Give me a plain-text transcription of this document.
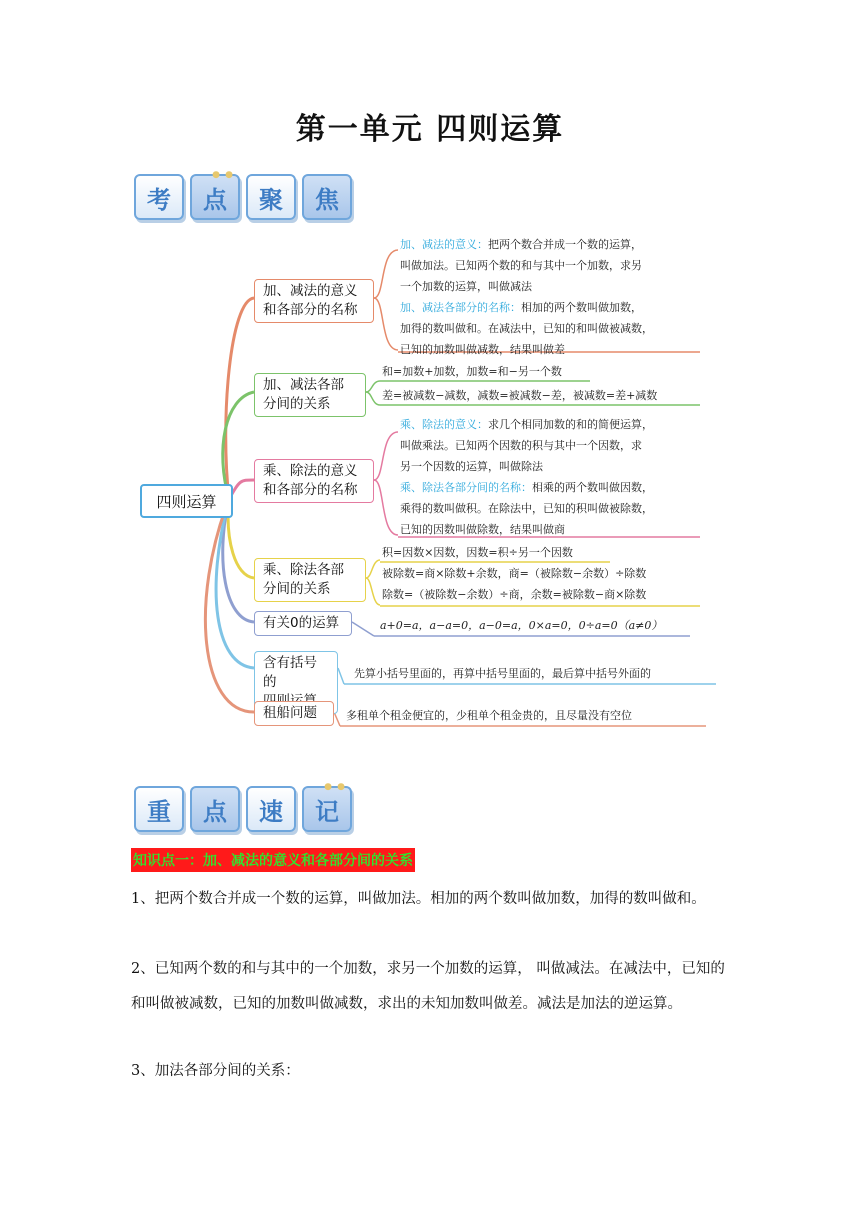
第一单元 四则运算
考
● ●
点 聚 焦
四则运算
加、减法的意义
和各部分的名称
加、减法各部
分间的关系
乘、除法的意义
和各部分的名称
乘、除法各部
分间的关系
有关0的运算
含有括号的
租船问题
加、减法的意义：把两个数合并成一个数的运算，
叫做加法。已知两个数的和与其中一个加数，求另
一个加数的运算，叫做减法
加、减法各部分的名称：相加的两个数叫做加数，
加得的数叫做和。在减法中，已知的和叫做被减数，
已知的加数叫做减数，结果叫做差
和=加数+加数，加数=和−另一个数
差=被减数−减数，减数=被减数−差，被减数=差+减数
乘、除法的意义：求几个相同加数的和的简便运算，
叫做乘法。已知两个因数的积与其中一个因数，求
另一个因数的运算，叫做除法
乘、除法各部分间的名称：相乘的两个数叫做因数，
乘得的数叫做积。在除法中，已知的积叫做被除数，
已知的因数叫做除数，结果叫做商
积=因数×因数，因数=积÷另一个因数
被除数=商×除数+余数，商=（被除数−余数）÷除数
除数=（被除数−余数）÷商，余数=被除数−商×除数
a+0=a，a−a=0，a−0=a，0×a=0，0÷a=0（a≠0）
先算小括号里面的，再算中括号里面的，最后算中括号外面的
多租单个租金便宜的，少租单个租金贵的，且尽量没有空位
重 点 速
● ●
记
知识点一：加、减法的意义和各部分间的关系
1、把两个数合并成一个数的运算，叫做加法。相加的两个数叫做加数，加得的数叫做和。
2、已知两个数的和与其中的一个加数，求另一个加数的运算， 叫做减法。在减法中，已知的和叫做被减数，已知的加数叫做减数，求出的未知加数叫做差。减法是加法的逆运算。
3、加法各部分间的关系：
